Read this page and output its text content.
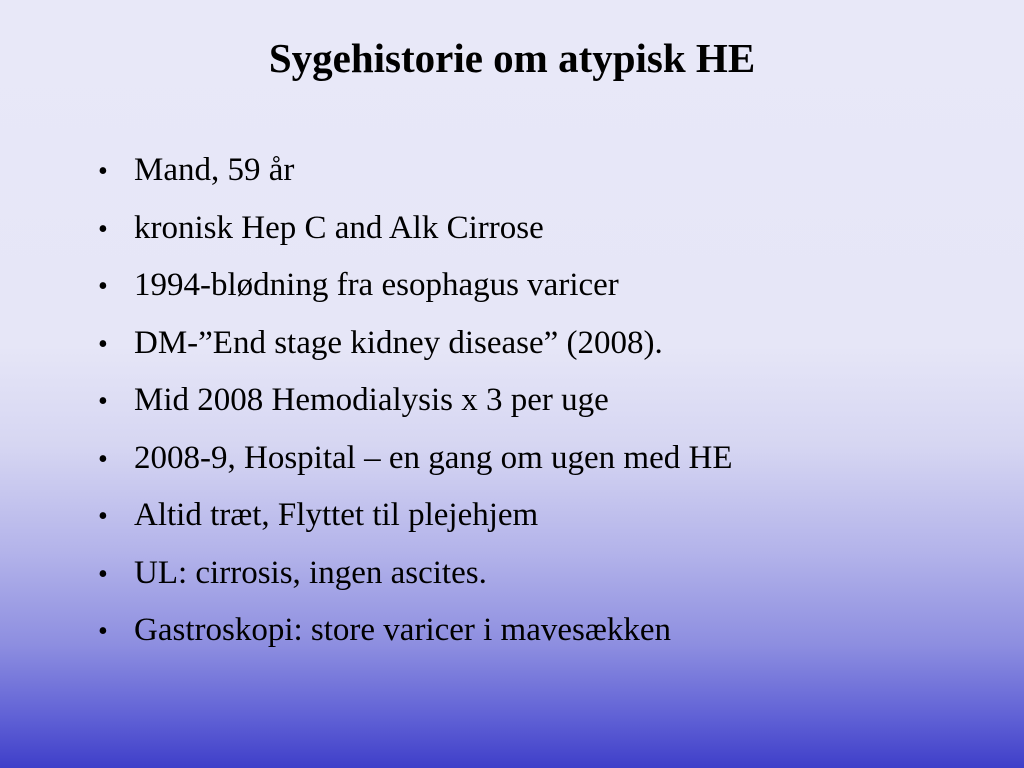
Sygehistorie om atypisk HE
• Mand, 59 år
• kronisk Hep C and Alk Cirrose
• 1994-blødning fra esophagus varicer
• DM-”End stage kidney disease” (2008).
• Mid 2008 Hemodialysis x 3 per uge
• 2008-9, Hospital – en gang om ugen med HE
• Altid træt, Flyttet til plejehjem
• UL: cirrosis, ingen ascites.
• Gastroskopi: store varicer i mavesækken
